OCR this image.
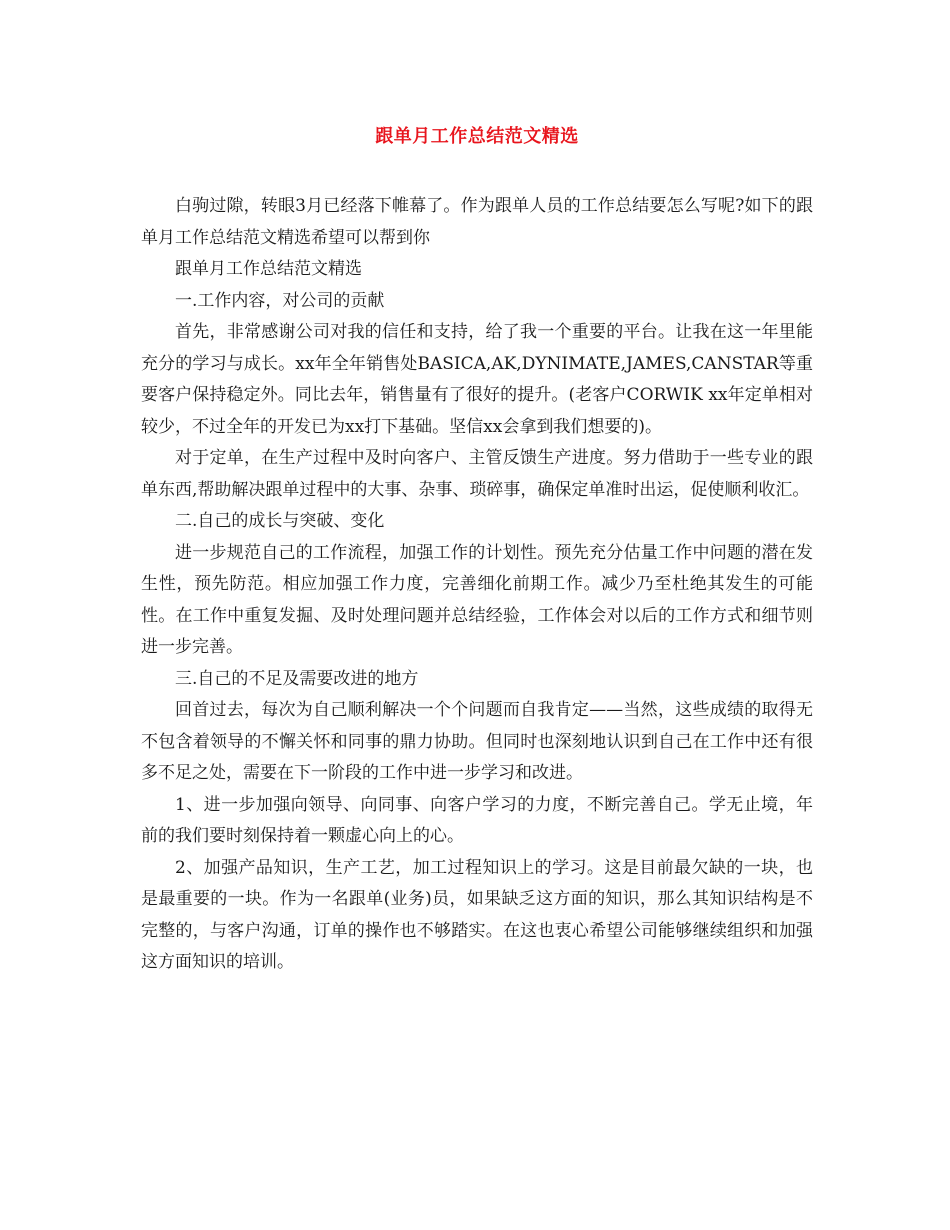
跟单月工作总结范文精选

白驹过隙，转眼3月已经落下帷幕了。作为跟单人员的工作总结要怎么写呢?如下的跟单月工作总结范文精选希望可以帮到你

跟单月工作总结范文精选

一.工作内容，对公司的贡献

首先，非常感谢公司对我的信任和支持，给了我一个重要的平台。让我在这一年里能充分的学习与成长。xx年全年销售处BASICA,AK,DYNIMATE,JAMES,CANSTAR等重要客户保持稳定外。同比去年，销售量有了很好的提升。(老客户CORWIK xx年定单相对较少，不过全年的开发已为xx打下基础。坚信xx会拿到我们想要的)。

对于定单，在生产过程中及时向客户、主管反馈生产进度。努力借助于一些专业的跟单东西,帮助解决跟单过程中的大事、杂事、琐碎事，确保定单准时出运，促使顺利收汇。

二.自己的成长与突破、变化

进一步规范自己的工作流程，加强工作的计划性。预先充分估量工作中问题的潜在发生性，预先防范。相应加强工作力度，完善细化前期工作。减少乃至杜绝其发生的可能性。在工作中重复发掘、及时处理问题并总结经验，工作体会对以后的工作方式和细节则进一步完善。

三.自己的不足及需要改进的地方

回首过去，每次为自己顺利解决一个个问题而自我肯定——当然，这些成绩的取得无不包含着领导的不懈关怀和同事的鼎力协助。但同时也深刻地认识到自己在工作中还有很多不足之处，需要在下一阶段的工作中进一步学习和改进。

1、进一步加强向领导、向同事、向客户学习的力度，不断完善自己。学无止境，年前的我们要时刻保持着一颗虚心向上的心。

2、加强产品知识，生产工艺，加工过程知识上的学习。这是目前最欠缺的一块，也是最重要的一块。作为一名跟单(业务)员，如果缺乏这方面的知识，那么其知识结构是不完整的，与客户沟通，订单的操作也不够踏实。在这也衷心希望公司能够继续组织和加强这方面知识的培训。
